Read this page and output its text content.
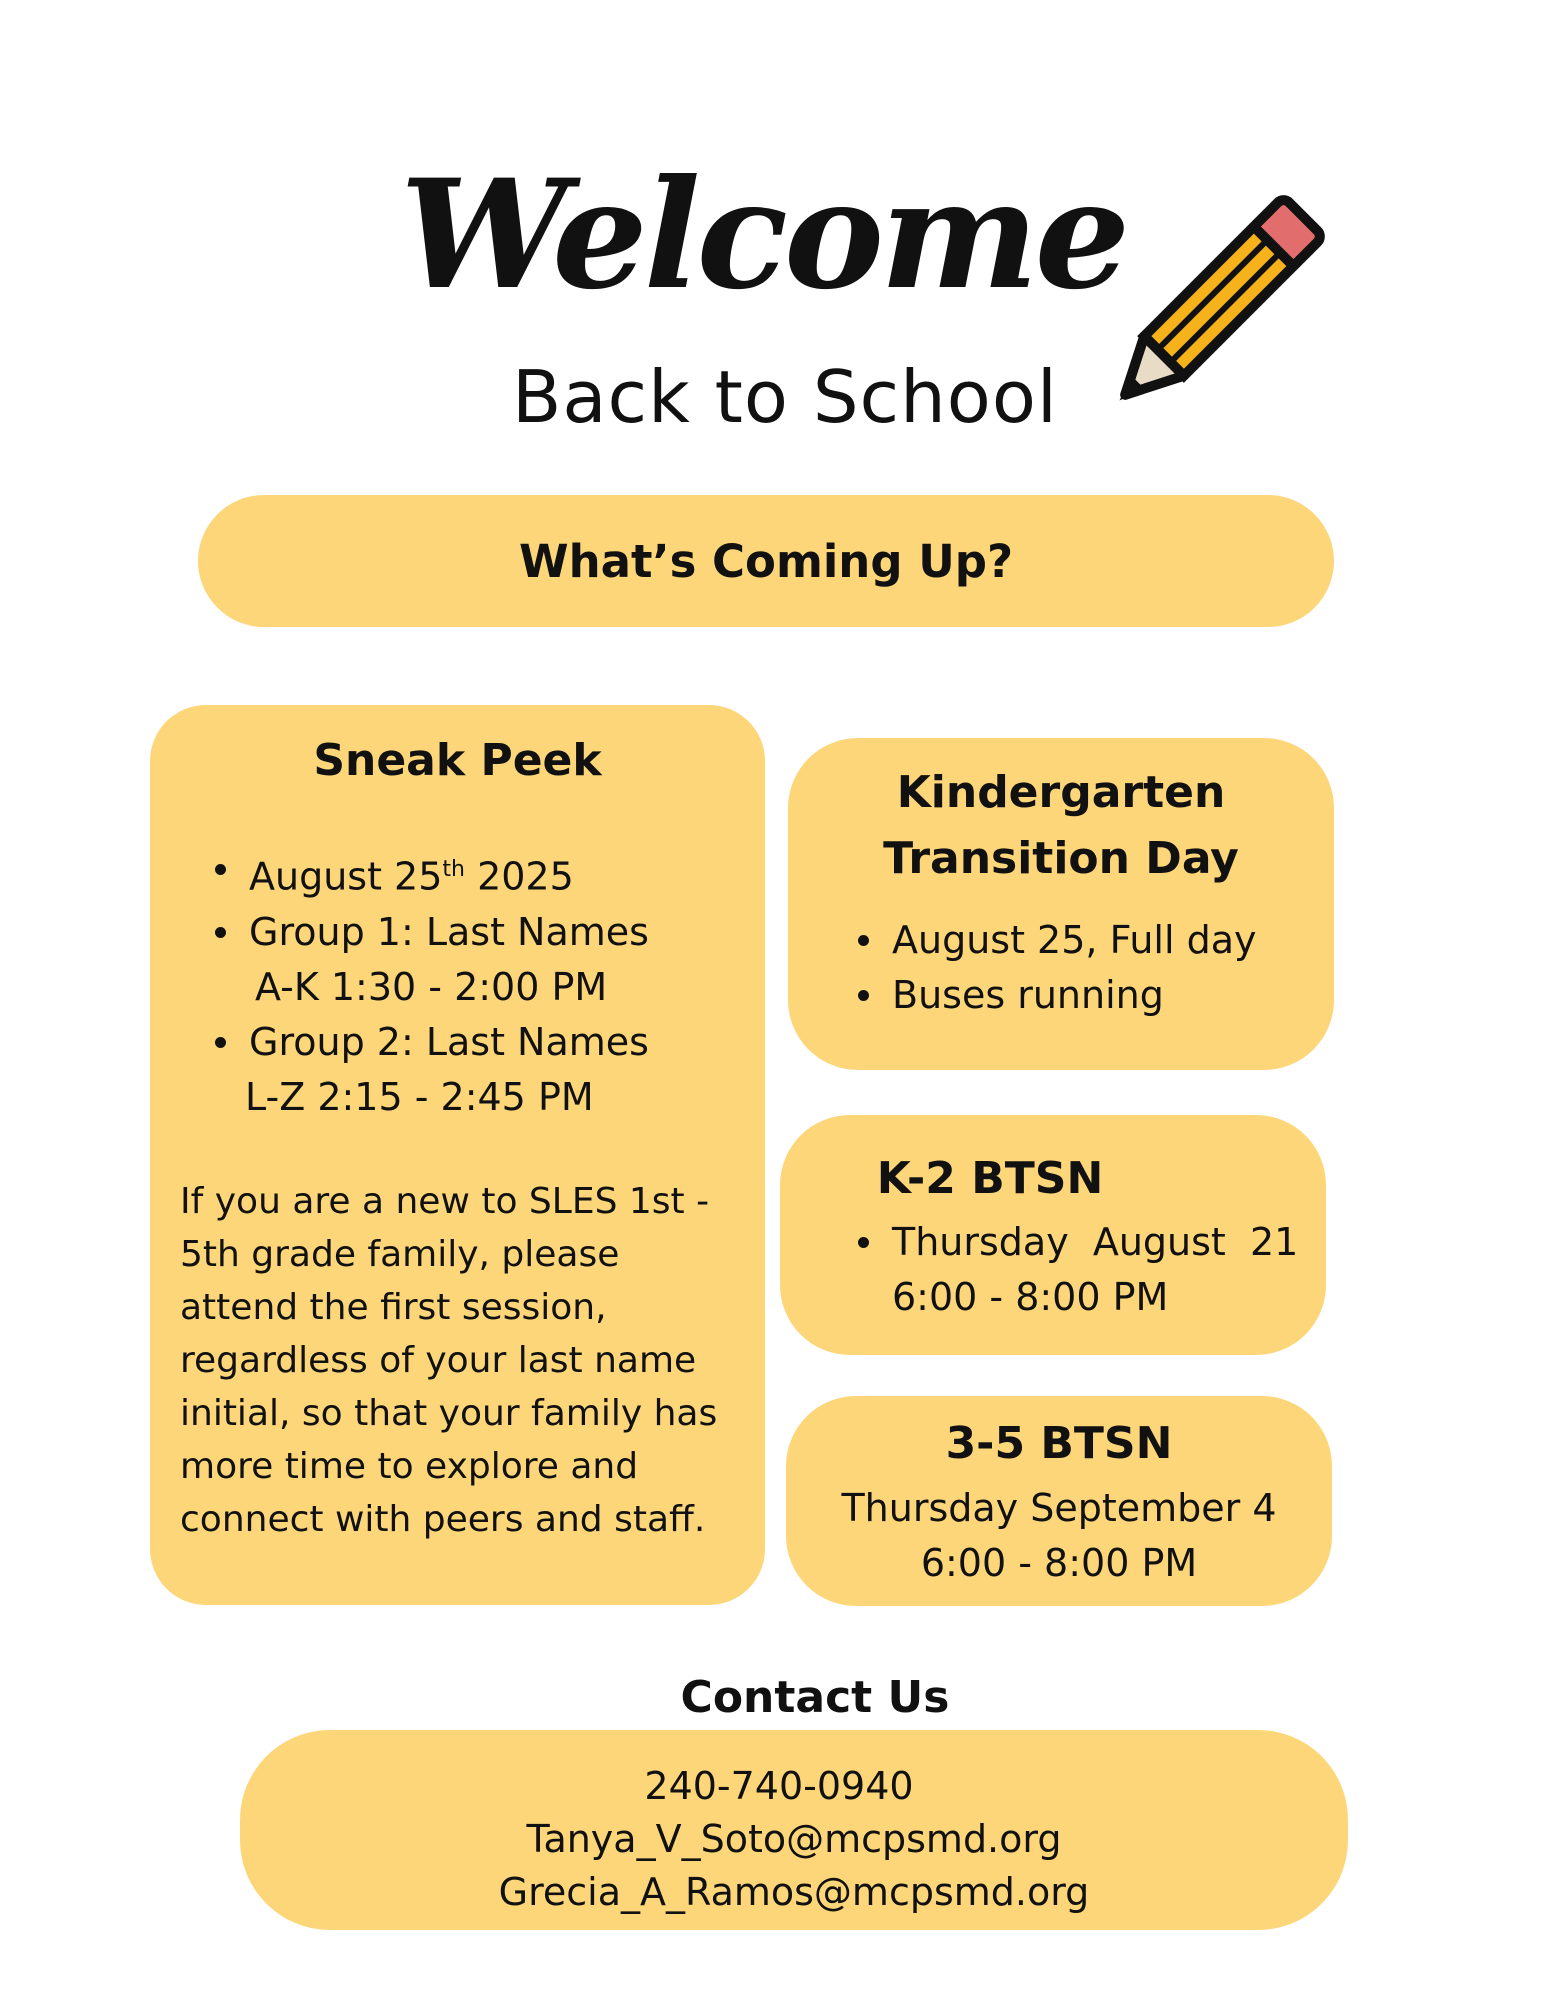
Welcome
Back to School
What’s Coming Up?
Sneak Peek
August 25th 2025
Group 1: Last Names
A-K 1:30 - 2:00 PM
Group 2: Last Names
L-Z 2:15 - 2:45 PM
If you are a new to SLES 1st -
5th grade family, please
attend the first session,
regardless of your last name
initial, so that your family has
more time to explore and
connect with peers and staff.
Kindergarten
Transition Day
August 25, Full day
Buses running
K-2 BTSN
Thursday  August  21
6:00 - 8:00 PM
3-5 BTSN
Thursday September 4
6:00 - 8:00 PM
Contact Us
240-740-0940
Tanya_V_Soto@mcpsmd.org
Grecia_A_Ramos@mcpsmd.org
